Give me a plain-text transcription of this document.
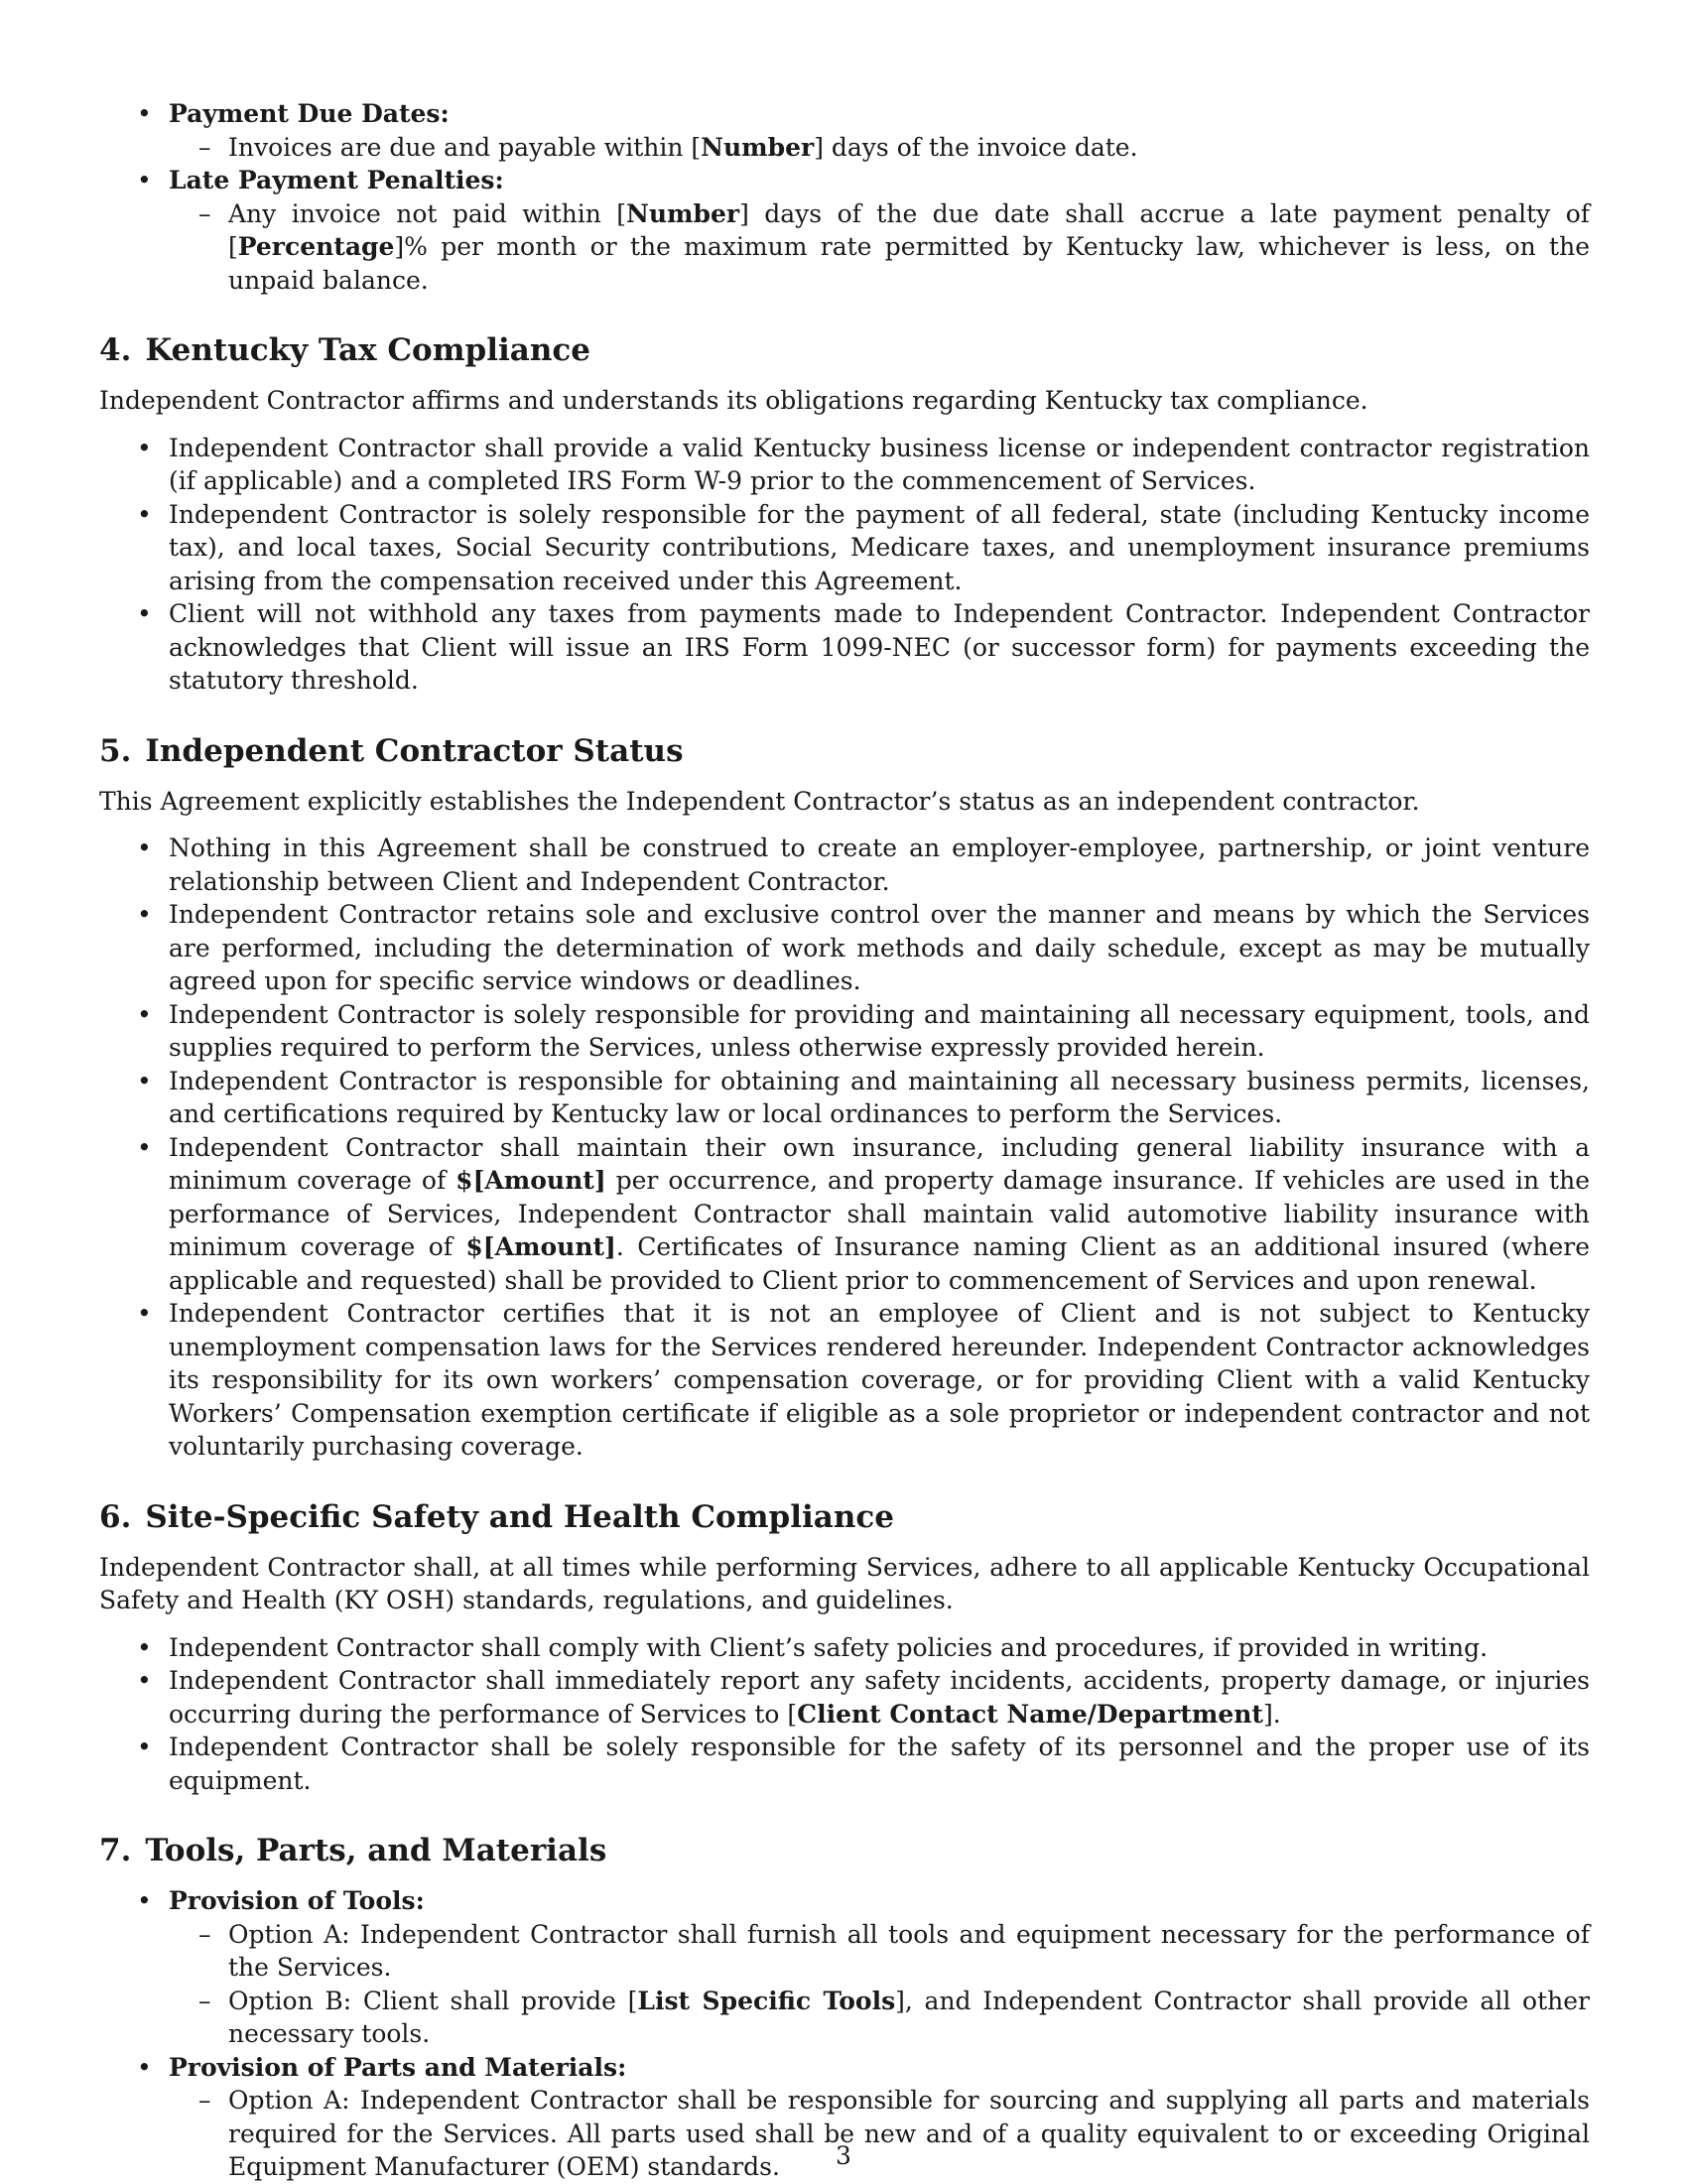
• Payment Due Dates:
– Invoices are due and payable within [Number] days of the invoice date.
• Late Payment Penalties:
– Any invoice not paid within [Number] days of the due date shall accrue a late payment penalty of [Percentage]% per month or the maximum rate permitted by Kentucky law, whichever is less, on the unpaid balance.
4. Kentucky Tax Compliance

Independent Contractor affirms and understands its obligations regarding Kentucky tax compliance.

• Independent Contractor shall provide a valid Kentucky business license or independent contractor registration (if applicable) and a completed IRS Form W-9 prior to the commencement of Services.
• Independent Contractor is solely responsible for the payment of all federal, state (including Kentucky income tax), and local taxes, Social Security contributions, Medicare taxes, and unemployment insurance premiums arising from the compensation received under this Agreement.
• Client will not withhold any taxes from payments made to Independent Contractor. Independent Contractor acknowledges that Client will issue an IRS Form 1099-NEC (or successor form) for payments exceeding the statutory threshold.
5. Independent Contractor Status

This Agreement explicitly establishes the Independent Contractor’s status as an independent contractor.

• Nothing in this Agreement shall be construed to create an employer-employee, partnership, or joint venture relationship between Client and Independent Contractor.
• Independent Contractor retains sole and exclusive control over the manner and means by which the Services are performed, including the determination of work methods and daily schedule, except as may be mutually agreed upon for specific service windows or deadlines.
• Independent Contractor is solely responsible for providing and maintaining all necessary equipment, tools, and supplies required to perform the Services, unless otherwise expressly provided herein.
• Independent Contractor is responsible for obtaining and maintaining all necessary business permits, licenses, and certifications required by Kentucky law or local ordinances to perform the Services.
• Independent Contractor shall maintain their own insurance, including general liability insurance with a minimum coverage of $[Amount] per occurrence, and property damage insurance. If vehicles are used in the performance of Services, Independent Contractor shall maintain valid automotive liability insurance with minimum coverage of $[Amount]. Certificates of Insurance naming Client as an additional insured (where applicable and requested) shall be provided to Client prior to commencement of Services and upon renewal.
• Independent Contractor certifies that it is not an employee of Client and is not subject to Kentucky unemployment compensation laws for the Services rendered hereunder. Independent Contractor acknowledges its responsibility for its own workers’ compensation coverage, or for providing Client with a valid Kentucky Workers’ Compensation exemption certificate if eligible as a sole proprietor or independent contractor and not voluntarily purchasing coverage.
6. Site-Specific Safety and Health Compliance

Independent Contractor shall, at all times while performing Services, adhere to all applicable Kentucky Occupational Safety and Health (KY OSH) standards, regulations, and guidelines.

• Independent Contractor shall comply with Client’s safety policies and procedures, if provided in writing.
• Independent Contractor shall immediately report any safety incidents, accidents, property damage, or injuries occurring during the performance of Services to [Client Contact Name/Department].
• Independent Contractor shall be solely responsible for the safety of its personnel and the proper use of its equipment.
7. Tools, Parts, and Materials
• Provision of Tools:
– Option A: Independent Contractor shall furnish all tools and equipment necessary for the performance of the Services.
– Option B: Client shall provide [List Specific Tools], and Independent Contractor shall provide all other necessary tools.
• Provision of Parts and Materials:
– Option A: Independent Contractor shall be responsible for sourcing and supplying all parts and materials required for the Services. All parts used shall be new and of a quality equivalent to or exceeding Original Equipment Manufacturer (OEM) standards.	3
